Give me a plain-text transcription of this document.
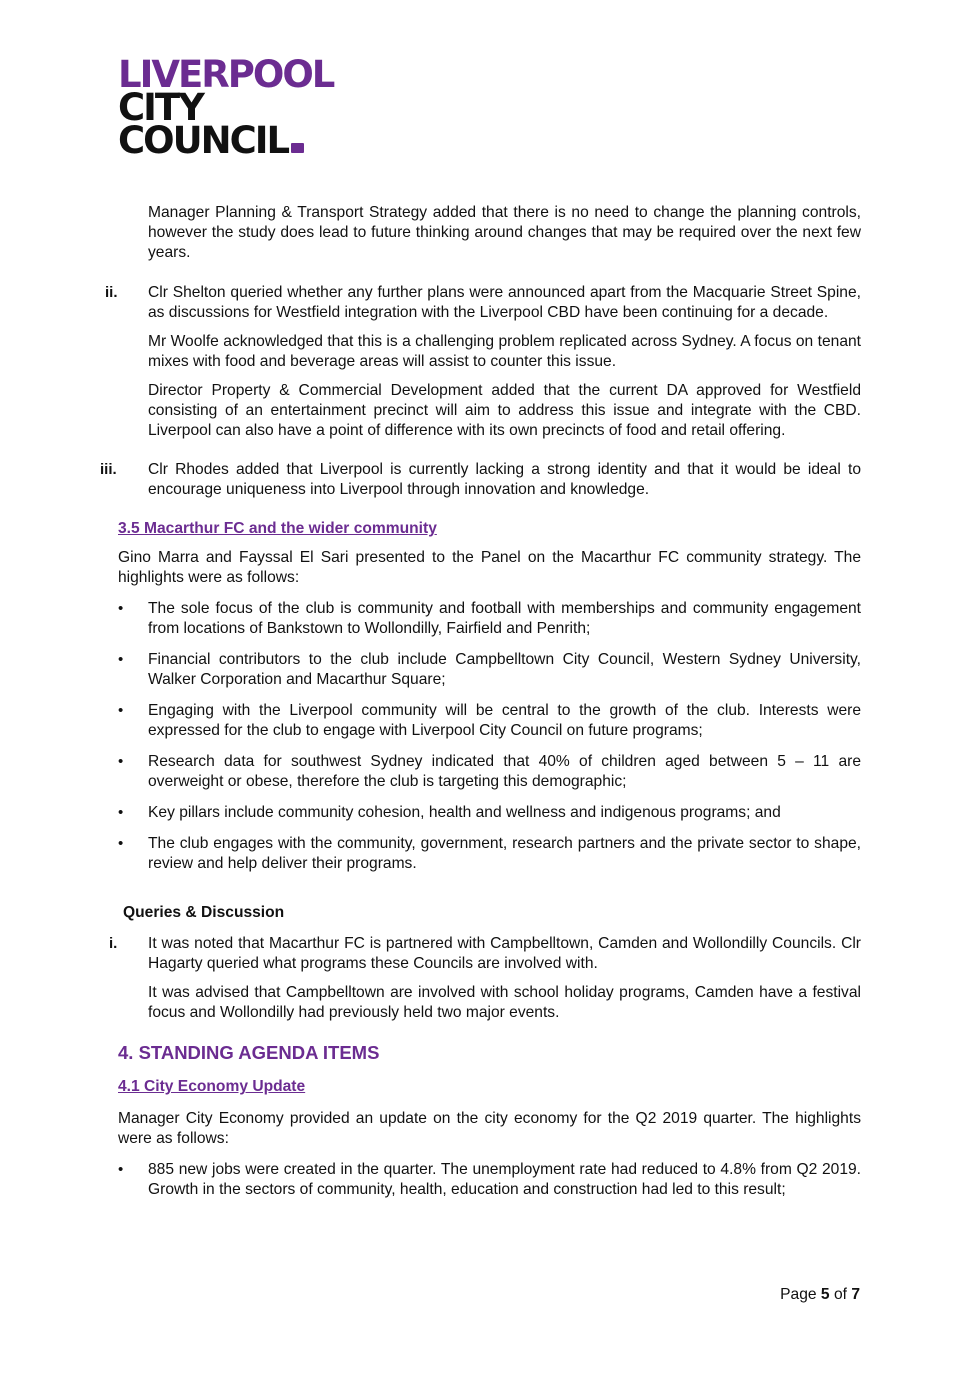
LIVERPOOL
CITY
COUNCIL

Manager Planning & Transport Strategy added that there is no need to change the planning controls, however the study does lead to future thinking around changes that may be required over the next few years.

ii.	Clr Shelton queried whether any further plans were announced apart from the Macquarie Street Spine, as discussions for Westfield integration with the Liverpool CBD have been continuing for a decade.

Mr Woolfe acknowledged that this is a challenging problem replicated across Sydney. A focus on tenant mixes with food and beverage areas will assist to counter this issue.

Director Property & Commercial Development added that the current DA approved for Westfield consisting of an entertainment precinct will aim to address this issue and integrate with the CBD. Liverpool can also have a point of difference with its own precincts of food and retail offering.

iii.	Clr Rhodes added that Liverpool is currently lacking a strong identity and that it would be ideal to encourage uniqueness into Liverpool through innovation and knowledge.

3.5 Macarthur FC and the wider community

Gino Marra and Fayssal El Sari presented to the Panel on the Macarthur FC community strategy. The highlights were as follows:

•	The sole focus of the club is community and football with memberships and community engagement from locations of Bankstown to Wollondilly, Fairfield and Penrith;

•	Financial contributors to the club include Campbelltown City Council, Western Sydney University, Walker Corporation and Macarthur Square;

•	Engaging with the Liverpool community will be central to the growth of the club. Interests were expressed for the club to engage with Liverpool City Council on future programs;

•	Research data for southwest Sydney indicated that 40% of children aged between 5 – 11 are overweight or obese, therefore the club is targeting this demographic;

•	Key pillars include community cohesion, health and wellness and indigenous programs; and

•	The club engages with the community, government, research partners and the private sector to shape, review and help deliver their programs.

Queries & Discussion
i.	It was noted that Macarthur FC is partnered with Campbelltown, Camden and Wollondilly Councils. Clr Hagarty queried what programs these Councils are involved with.

It was advised that Campbelltown are involved with school holiday programs, Camden have a festival focus and Wollondilly had previously held two major events.

4. STANDING AGENDA ITEMS
4.1 City Economy Update

Manager City Economy provided an update on the city economy for the Q2 2019 quarter. The highlights were as follows:

•	885 new jobs were created in the quarter. The unemployment rate had reduced to 4.8% from Q2 2019. Growth in the sectors of community, health, education and construction had led to this result;

Page 5 of 7
